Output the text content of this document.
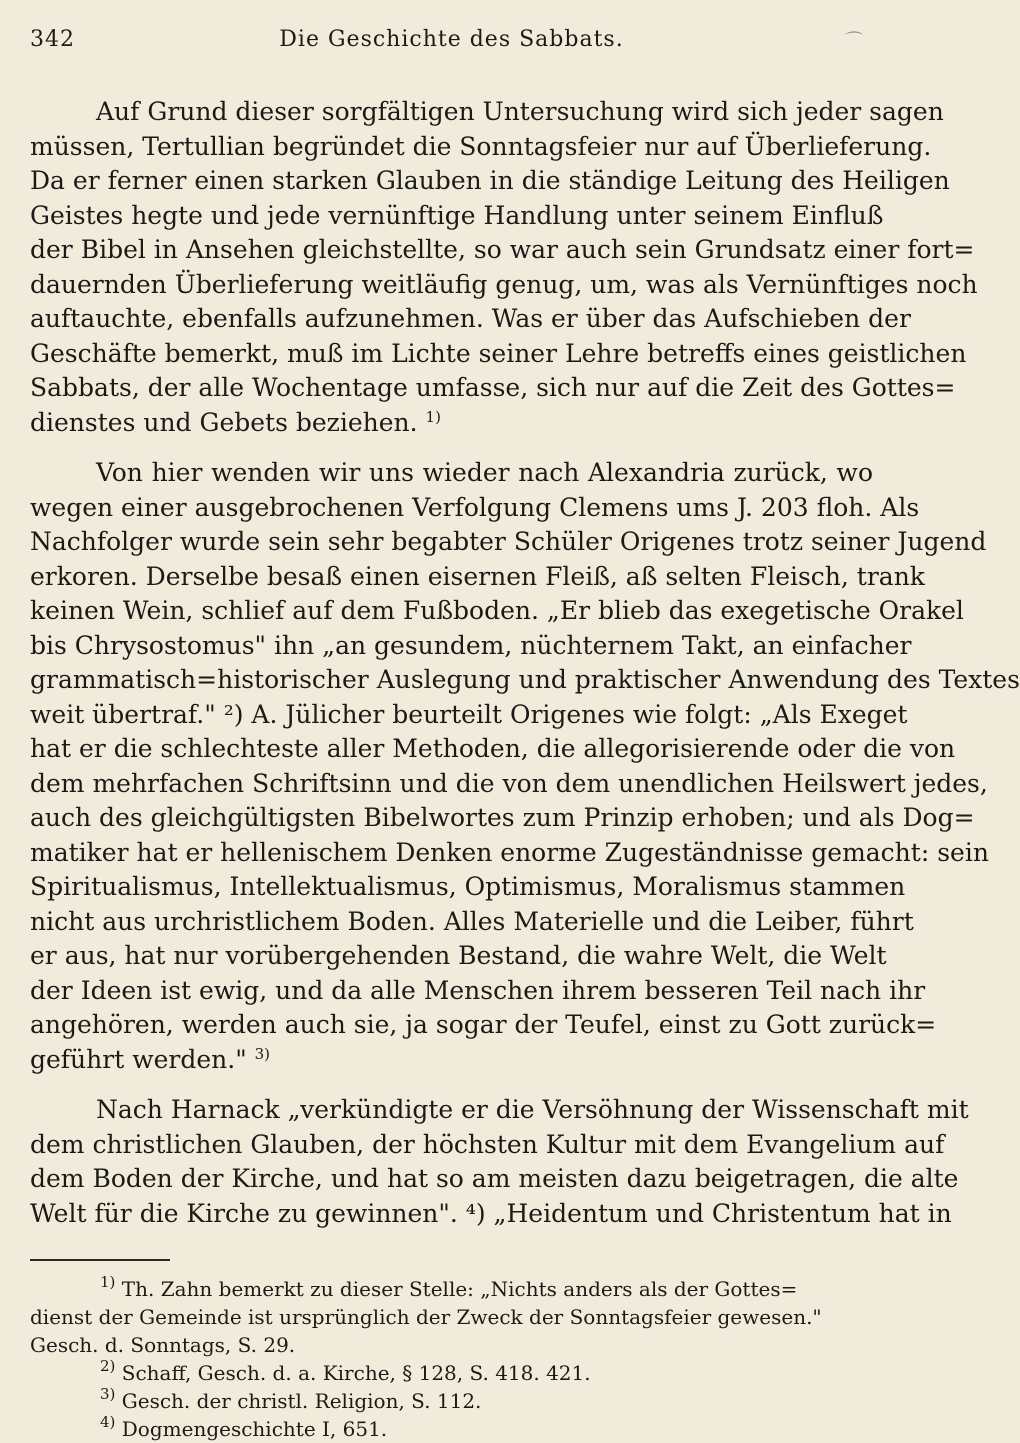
342	Die Geschichte des Sabbats.	⌒
Auf Grund dieser sorgfältigen Untersuchung wird sich jeder sagen
müssen, Tertullian begründet die Sonntagsfeier nur auf Überlieferung.
Da er ferner einen starken Glauben in die ständige Leitung des Heiligen
Geistes hegte und jede vernünftige Handlung unter seinem Einfluß
der Bibel in Ansehen gleichstellte, so war auch sein Grundsatz einer fort=
dauernden Überlieferung weitläufig genug, um, was als Vernünftiges noch
auftauchte, ebenfalls aufzunehmen. Was er über das Aufschieben der
Geschäfte bemerkt, muß im Lichte seiner Lehre betreffs eines geistlichen
Sabbats, der alle Wochentage umfasse, sich nur auf die Zeit des Gottes=
dienstes und Gebets beziehen. $^{1)}$
Von hier wenden wir uns wieder nach Alexandria zurück, wo
wegen einer ausgebrochenen Verfolgung Clemens ums J. 203 floh. Als
Nachfolger wurde sein sehr begabter Schüler Origenes trotz seiner Jugend
erkoren. Derselbe besaß einen eisernen Fleiß, aß selten Fleisch, trank
keinen Wein, schlief auf dem Fußboden. „Er blieb das exegetische Orakel
bis Chrysostomus" ihn „an gesundem, nüchternem Takt, an einfacher
grammatisch=historischer Auslegung und praktischer Anwendung des Textes
weit übertraf." ²) A. Jülicher beurteilt Origenes wie folgt: „Als Exeget
hat er die schlechteste aller Methoden, die allegorisierende oder die von
dem mehrfachen Schriftsinn und die von dem unendlichen Heilswert jedes,
auch des gleichgültigsten Bibelwortes zum Prinzip erhoben; und als Dog=
matiker hat er hellenischem Denken enorme Zugeständnisse gemacht: sein
Spiritualismus, Intellektualismus, Optimismus, Moralismus stammen
nicht aus urchristlichem Boden. Alles Materielle und die Leiber, führt
er aus, hat nur vorübergehenden Bestand, die wahre Welt, die Welt
der Ideen ist ewig, und da alle Menschen ihrem besseren Teil nach ihr
angehören, werden auch sie, ja sogar der Teufel, einst zu Gott zurück=
geführt werden." $^{3)}$
Nach Harnack „verkündigte er die Versöhnung der Wissenschaft mit
dem christlichen Glauben, der höchsten Kultur mit dem Evangelium auf
dem Boden der Kirche, und hat so am meisten dazu beigetragen, die alte
Welt für die Kirche zu gewinnen". ⁴) „Heidentum und Christentum hat in
$^{1)}$ Th. Zahn bemerkt zu dieser Stelle: „Nichts anders als der Gottes=
dienst der Gemeinde ist ursprünglich der Zweck der Sonntagsfeier gewesen."
Gesch. d. Sonntags, S. 29.
$^{2)}$ Schaff, Gesch. d. a. Kirche, § 128, S. 418. 421.
$^{3)}$ Gesch. der christl. Religion, S. 112.
$^{4)}$ Dogmengeschichte I, 651.
